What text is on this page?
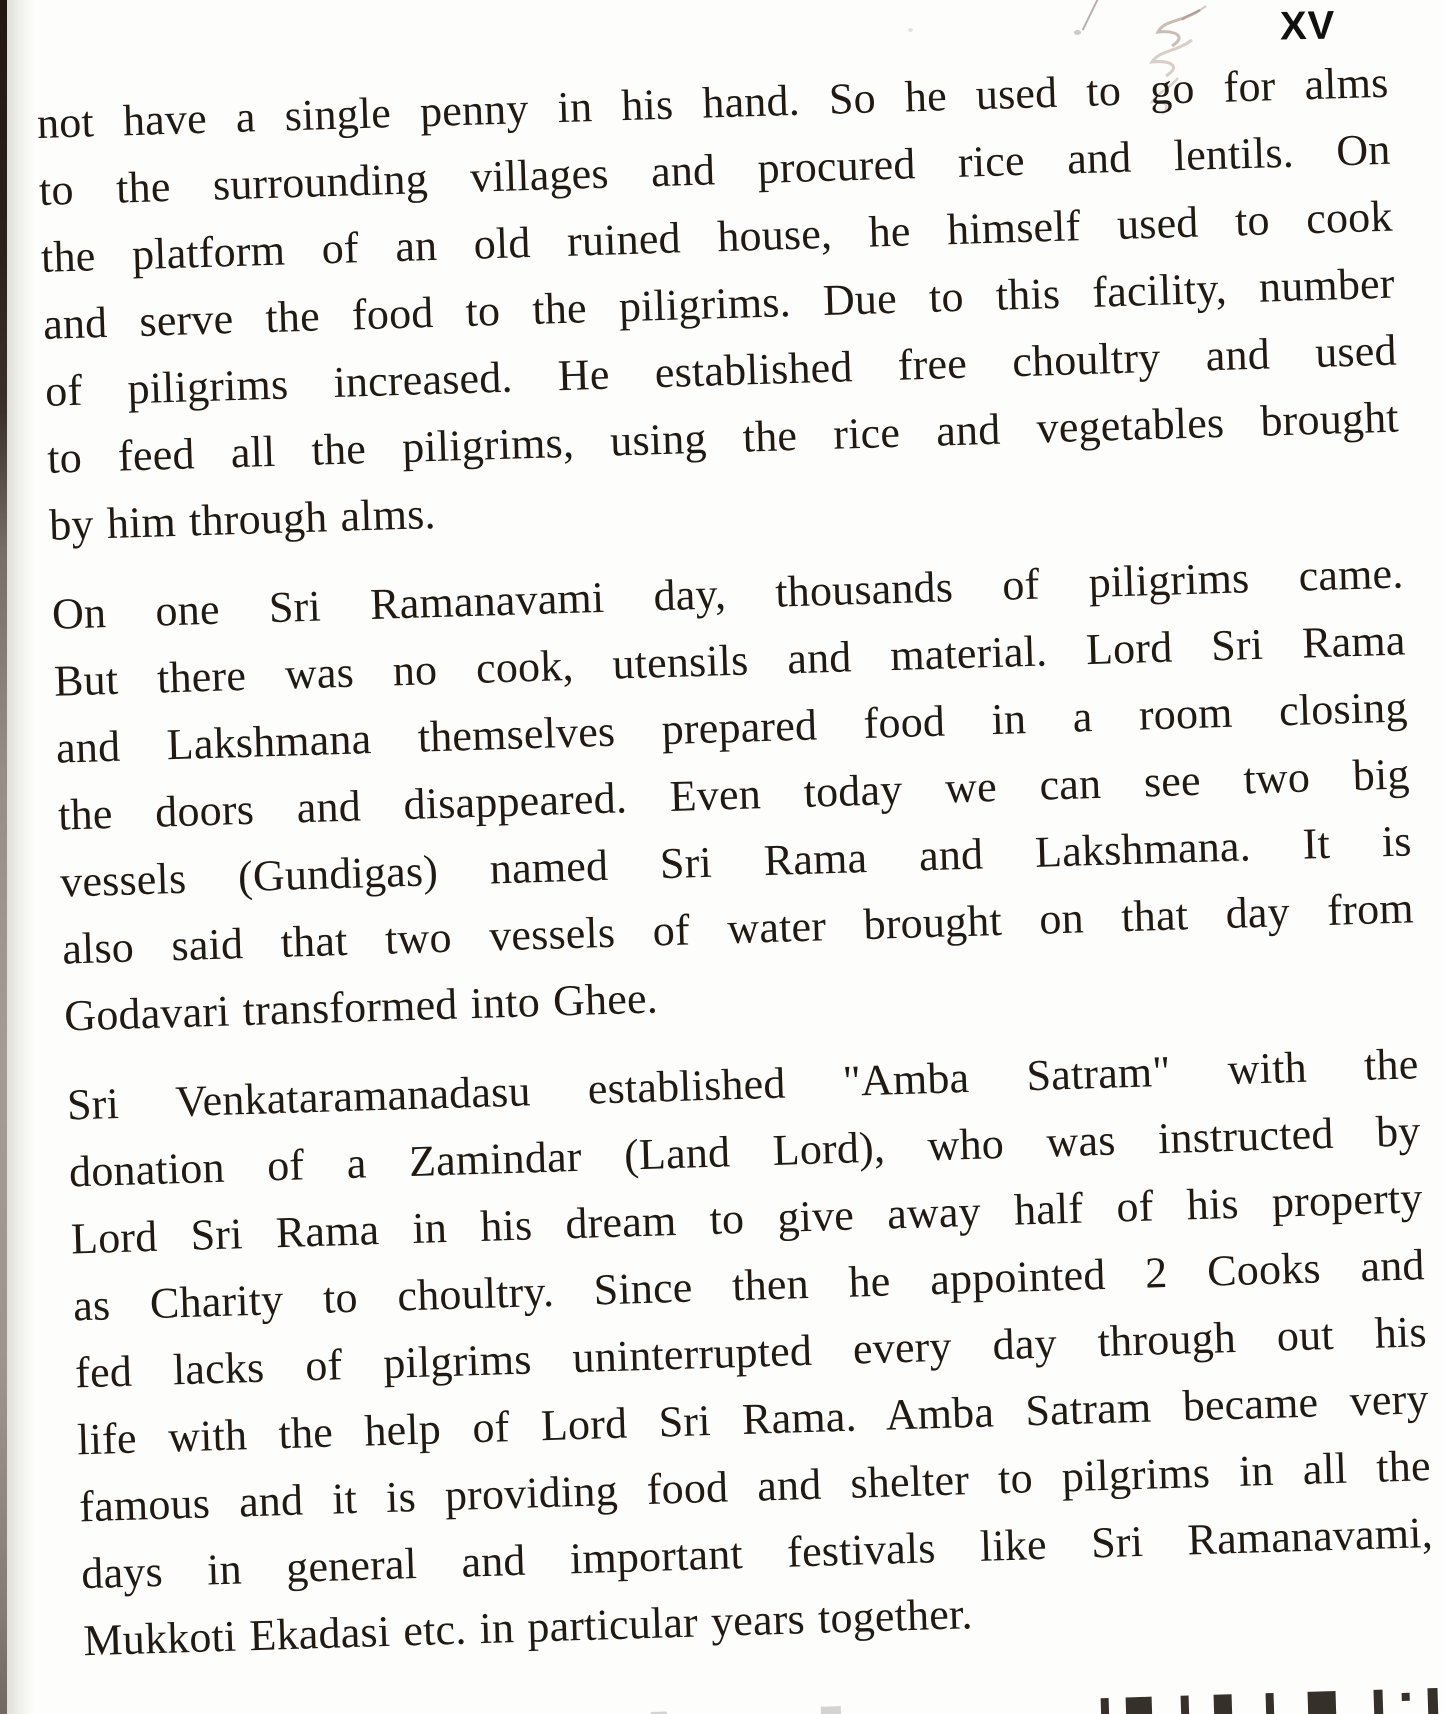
XV
not have a single penny in his hand. So he used to go for alms
to the surrounding villages and procured rice and lentils. On
the platform of an old ruined house, he himself used to cook
and serve the food to the piligrims. Due to this facility, number
of piligrims increased. He established free choultry and used
to feed all the piligrims, using the rice and vegetables brought
by him through alms.
On one Sri Ramanavami day, thousands of piligrims came.
But there was no cook, utensils and material. Lord Sri Rama
and Lakshmana themselves prepared food in a room closing
the doors and disappeared. Even today we can see two big
vessels (Gundigas) named Sri Rama and Lakshmana. It is
also said that two vessels of water brought on that day from
Godavari transformed into Ghee.
Sri Venkataramanadasu established "Amba Satram" with the
donation of a Zamindar (Land Lord), who was instructed by
Lord Sri Rama in his dream to give away half of his property
as Charity to choultry. Since then he appointed 2 Cooks and
fed lacks of pilgrims uninterrupted every day through out his
life with the help of Lord Sri Rama. Amba Satram became very
famous and it is providing food and shelter to pilgrims in all the
days in general and important festivals like Sri Ramanavami,
Mukkoti Ekadasi etc. in particular years together.
